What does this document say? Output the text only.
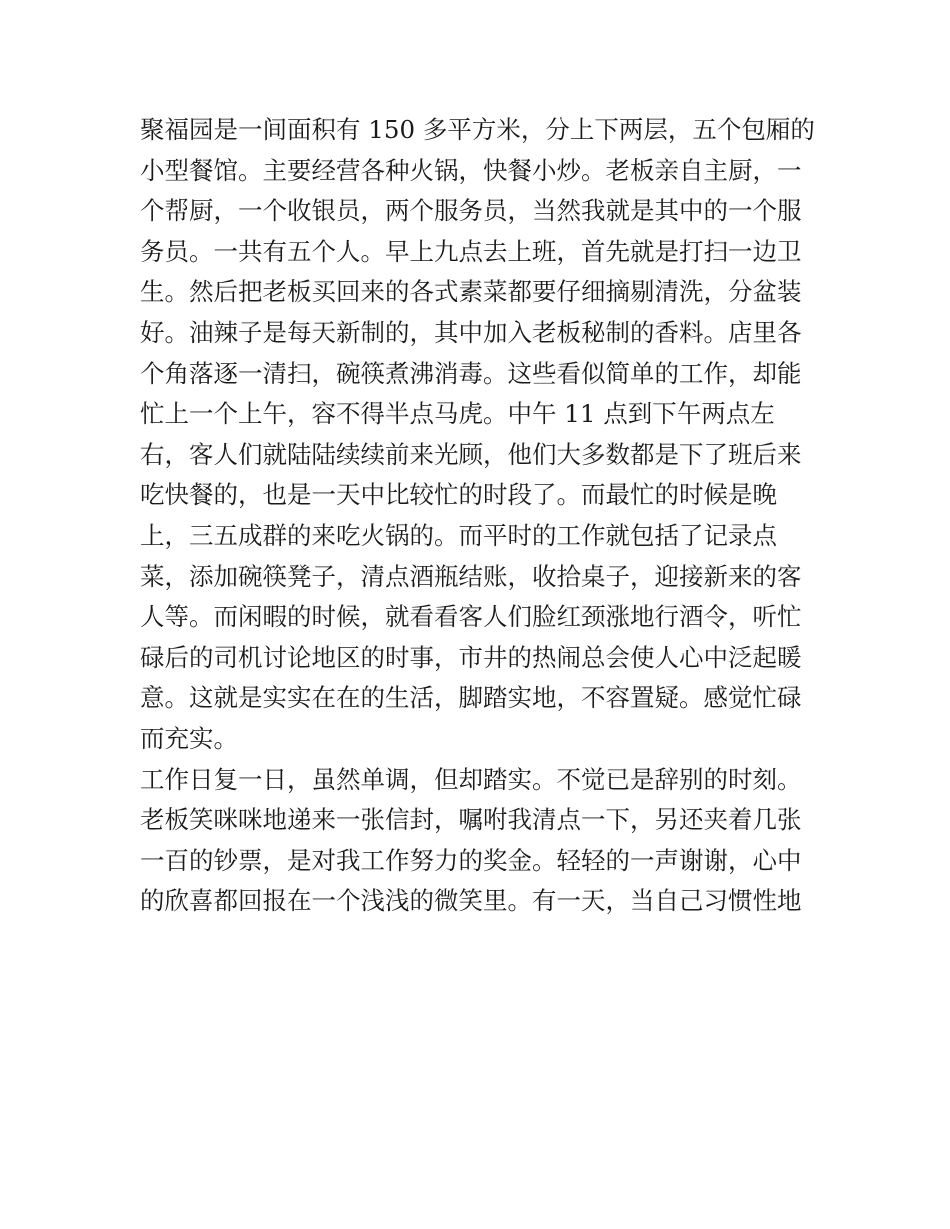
聚福园是一间面积有 150 多平方米，分上下两层，五个包厢的
小型餐馆。主要经营各种火锅，快餐小炒。老板亲自主厨，一
个帮厨，一个收银员，两个服务员，当然我就是其中的一个服
务员。一共有五个人。早上九点去上班，首先就是打扫一边卫
生。然后把老板买回来的各式素菜都要仔细摘剔清洗，分盆装
好。油辣子是每天新制的，其中加入老板秘制的香料。店里各
个角落逐一清扫，碗筷煮沸消毒。这些看似简单的工作，却能
忙上一个上午，容不得半点马虎。中午 11 点到下午两点左
右，客人们就陆陆续续前来光顾，他们大多数都是下了班后来
吃快餐的，也是一天中比较忙的时段了。而最忙的时候是晚
上，三五成群的来吃火锅的。而平时的工作就包括了记录点
菜，添加碗筷凳子，清点酒瓶结账，收拾桌子，迎接新来的客
人等。而闲暇的时候，就看看客人们脸红颈涨地行酒令，听忙
碌后的司机讨论地区的时事，市井的热闹总会使人心中泛起暖
意。这就是实实在在的生活，脚踏实地，不容置疑。感觉忙碌
而充实。
工作日复一日，虽然单调，但却踏实。不觉已是辞别的时刻。
老板笑咪咪地递来一张信封，嘱咐我清点一下，另还夹着几张
一百的钞票，是对我工作努力的奖金。轻轻的一声谢谢，心中
的欣喜都回报在一个浅浅的微笑里。有一天，当自己习惯性地
